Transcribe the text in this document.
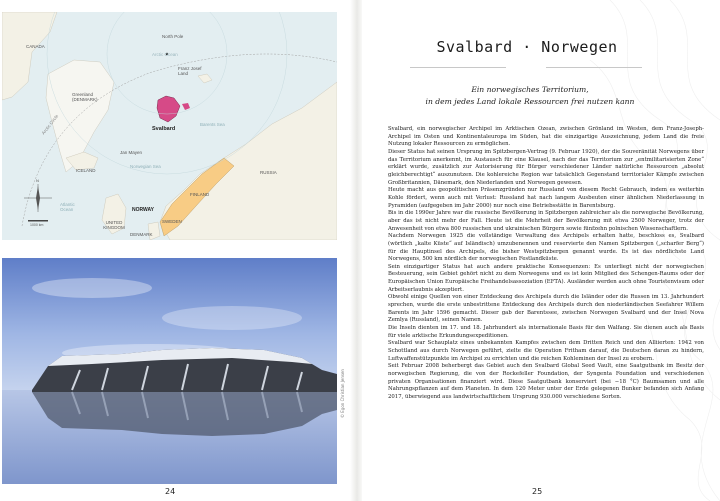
CANADA
North Pole
Arctic Ocean
Franz Josef Land
Greenland (DENMARK)
Arctic Circle	Svalbard
Barents Sea
Jan Mayen
Norwegian Sea
ICELAND	RUSSIA
FINLAND
NORWAY
SWEDEN
Atlantic Ocean
UNITED KINGDOM
DENMARK
N
1000 km
© Egon Christian Jensen
24
Svalbard · Norwegen
Ein norwegisches Territorium,
in dem jedes Land lokale Ressourcen frei nutzen kann

Svalbard, ein norwegischer Archipel im Arktischen Ozean, zwischen Grönland im Westen, dem Franz-Joseph-Archipel im Osten und Kontinentaleuropa im Süden, hat die einzigartige Auszeichnung, jedem Land die freie Nutzung lokaler Ressourcen zu ermöglichen.

Dieser Status hat seinen Ursprung im Spitzbergen-Vertrag (9. Februar 1920), der die Souveränität Norwegens über das Territorium anerkennt, im Austausch für eine Klausel, nach der das Territorium zur „entmilitarisierten Zone“ erklärt wurde, zusätzlich zur Autorisierung für Bürger verschiedener Länder natürliche Ressourcen „absolut gleichberechtigt“ auszunutzen. Die kohlereiche Region war tatsächlich Gegenstand territorialer Kämpfe zwischen Großbritannien, Dänemark, den Niederlanden und Norwegen gewesen.

Heute macht aus geopolitischen Präsenzgründen nur Russland von diesem Recht Gebrauch, indem es weiterhin Kohle fördert, wenn auch mit Verlust: Russland hat nach langem Ausbeuten einer ähnlichen Niederlassung in Pyramiden (aufgegeben im Jahr 2000) nur noch eine Betriebsstätte in Barentsburg.

Bis in die 1990er Jahre war die russische Bevölkerung in Spitzbergen zahlreicher als die norwegische Bevölkerung, aber das ist nicht mehr der Fall. Heute ist die Mehrheit der Bevölkerung mit etwa 2500 Norweger, trotz der Anwesenheit von etwa 800 russischen und ukrainischen Bürgern sowie fünfzehn polnischen Wissenschaftlern.

Nachdem Norwegen 1925 die vollständige Verwaltung des Archipels erhalten hatte, beschloss es, Svalbard (wörtlich „kalte Küste“ auf Isländisch) umzubenennen und reservierte den Namen Spitzbergen („scharfer Berg“) für die Hauptinsel des Archipels, die bisher Westspitzbergen genannt wurde. Es ist das nördlichste Land Norwegens, 500 km nördlich der norwegischen Festlandküste.

Sein einzigartiger Status hat auch andere praktische Konsequenzen: Es unterliegt nicht der norwegischen Besteuerung, sein Gebiet gehört nicht zu dem Norwegens und es ist kein Mitglied des Schengen-Raums oder der Europäischen Union Europäische Freihandelsassoziation (EFTA). Ausländer werden auch ohne Touristenvisum oder Arbeitserlaubnis akzeptiert.

Obwohl einige Quellen von einer Entdeckung des Archipels durch die Isländer oder die Russen im 13. Jahrhundert sprechen, wurde die erste unbestrittene Entdeckung des Archipels durch den niederländischen Seefahrer Willem Barents im Jahr 1596 gemacht. Dieser gab der Barentssee, zwischen Norwegen Svalbard und der Insel Nova Zemlya (Russland), seinen Namen.

Die Inseln dienten im 17. und 18. Jahrhundert als internationale Basis für den Walfang. Sie dienen auch als Basis für viele arktische Erkundungsexpeditionen.

Svalbard war Schauplatz eines unbekannten Kampfes zwischen dem Dritten Reich und den Alliierten: 1942 von Schottland aus durch Norwegen geführt, zielte die Operation Fritham darauf, die Deutschen daran zu hindern, Luftwaffenstützpunkte im Archipel zu errichten und die reichen Kohleminen der Insel zu erobern.

Seit Februar 2008 beherbergt das Gebiet auch den Svalbard Global Seed Vault, eine Saatgutbank im Besitz der norwegischen Regierung, die von der Rockefeller Foundation, der Syngenta Foundation und verschiedenen privaten Organisationen finanziert wird. Diese Saatgutbank konserviert (bei −18 °C) Baumsamen und alle Nahrungspflanzen auf dem Planeten. In dem 120 Meter unter der Erde gelegenen Bunker befanden sich Anfang 2017, überwiegend aus landwirtschaftlichem Ursprung 930.000 verschiedene Sorten.

25
